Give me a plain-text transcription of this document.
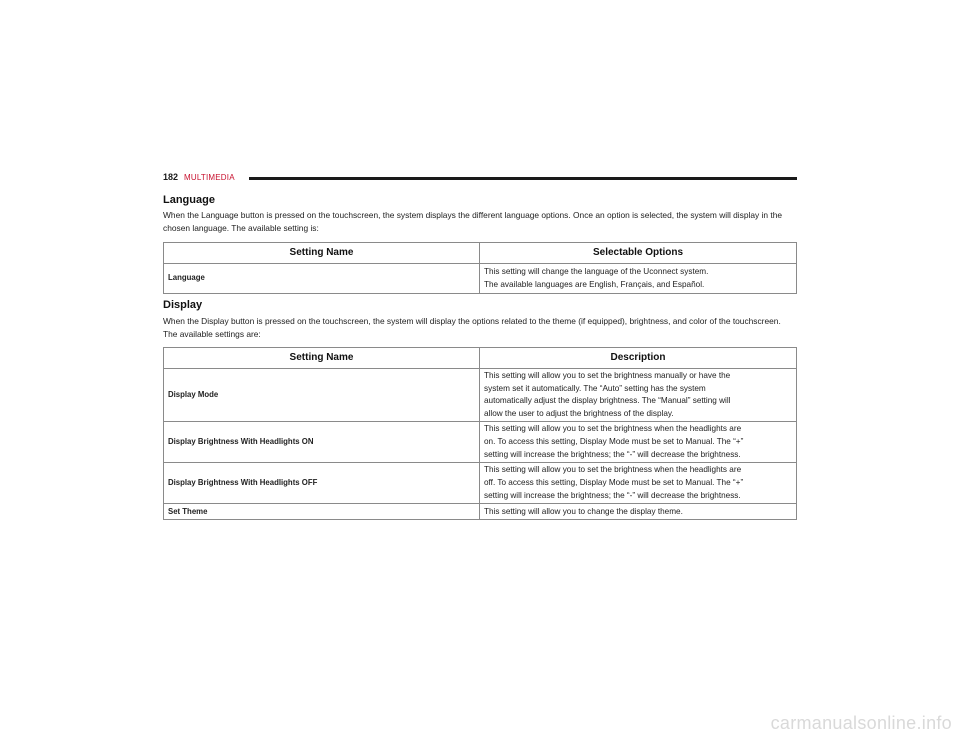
182 MULTIMEDIA
Language

When the Language button is pressed on the touchscreen, the system displays the different language options. Once an option is selected, the system will display in the chosen language. The available setting is:

Setting Name	Selectable Options
Language	This setting will change the language of the Uconnect system.
The available languages are English, Français, and Español.
Display

When the Display button is pressed on the touchscreen, the system will display the options related to the theme (if equipped), brightness, and color of the touchscreen. The available settings are:

Setting Name	Description
Display Mode	This setting will allow you to set the brightness manually or have the
system set it automatically. The “Auto” setting has the system
automatically adjust the display brightness. The “Manual” setting will
allow the user to adjust the brightness of the display.
Display Brightness With Headlights ON	This setting will allow you to set the brightness when the headlights are
on. To access this setting, Display Mode must be set to Manual. The “+”
setting will increase the brightness; the “-” will decrease the brightness.
Display Brightness With Headlights OFF	This setting will allow you to set the brightness when the headlights are
off. To access this setting, Display Mode must be set to Manual. The “+”
setting will increase the brightness; the “-” will decrease the brightness.
Set Theme	This setting will allow you to change the display theme.
carmanualsonline.info
